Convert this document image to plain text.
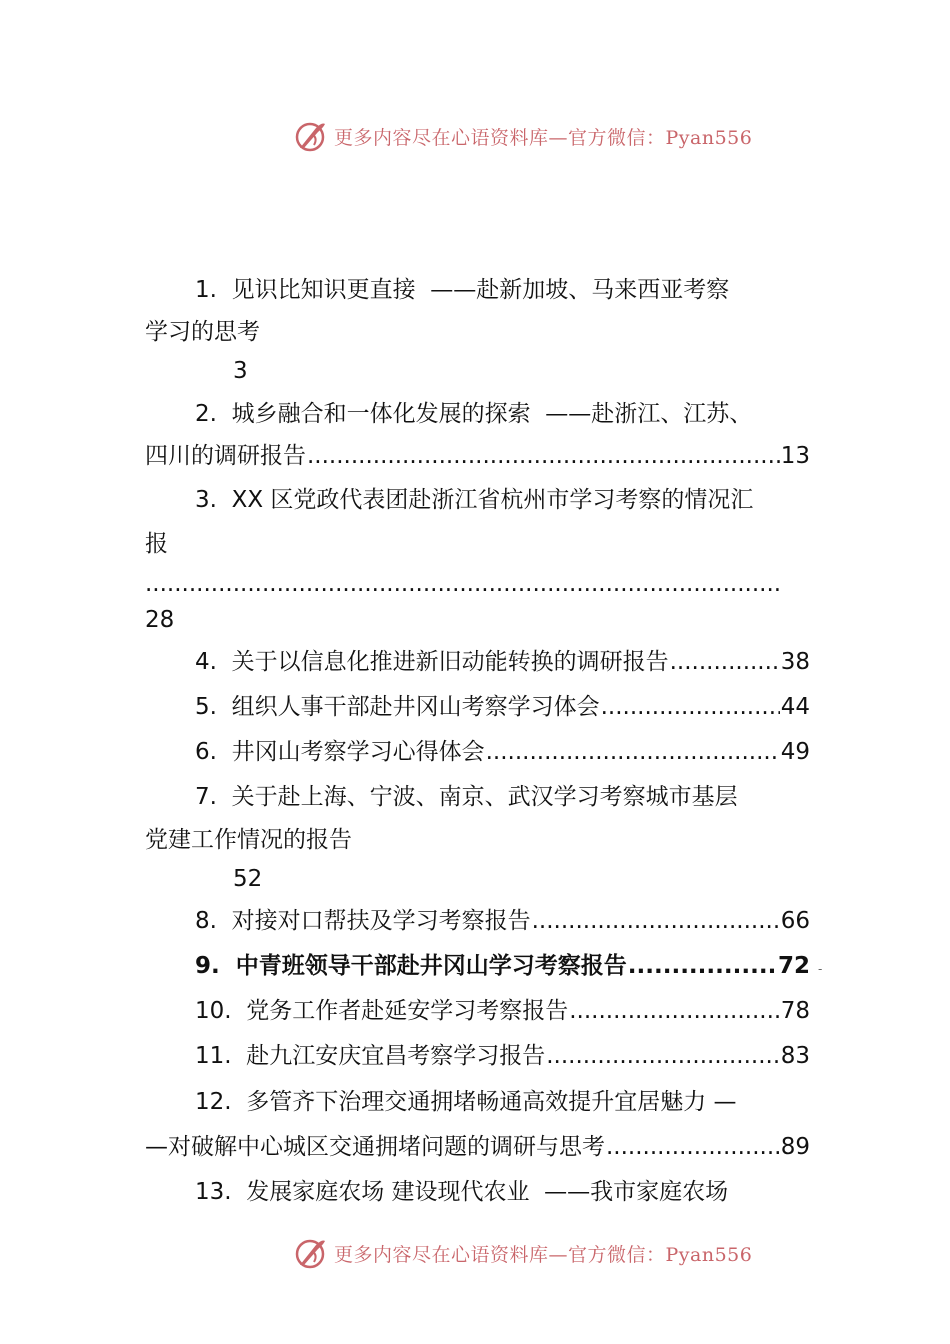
更多内容尽在心语资料库—官方微信：Pyan556
1. 见识比知识更直接 ——赴新加坡、马来西亚考察
学习的思考
3
2. 城乡融合和一体化发展的探索 ——赴浙江、江苏、
四川的调研报告 .....	13
3. XX 区党政代表团赴浙江省杭州市学习考察的情况汇
报
.....
28
4. 关于以信息化推进新旧动能转换的调研报告 .....	38
5. 组织人事干部赴井冈山考察学习体会 .....	44
6. 井冈山考察学习心得体会 .....	49
7. 关于赴上海、宁波、南京、武汉学习考察城市基层
党建工作情况的报告
52
8. 对接对口帮扶及学习考察报告 .....	66
9. 中青班领导干部赴井冈山学习考察报告 .....	72 -
10. 党务工作者赴延安学习考察报告 .....	78
11. 赴九江安庆宜昌考察学习报告 .....	83
12. 多管齐下治理交通拥堵畅通高效提升宜居魅力 —
—对破解中心城区交通拥堵问题的调研与思考 .....	89
13. 发展家庭农场 建设现代农业 ——我市家庭农场
更多内容尽在心语资料库—官方微信：Pyan556
